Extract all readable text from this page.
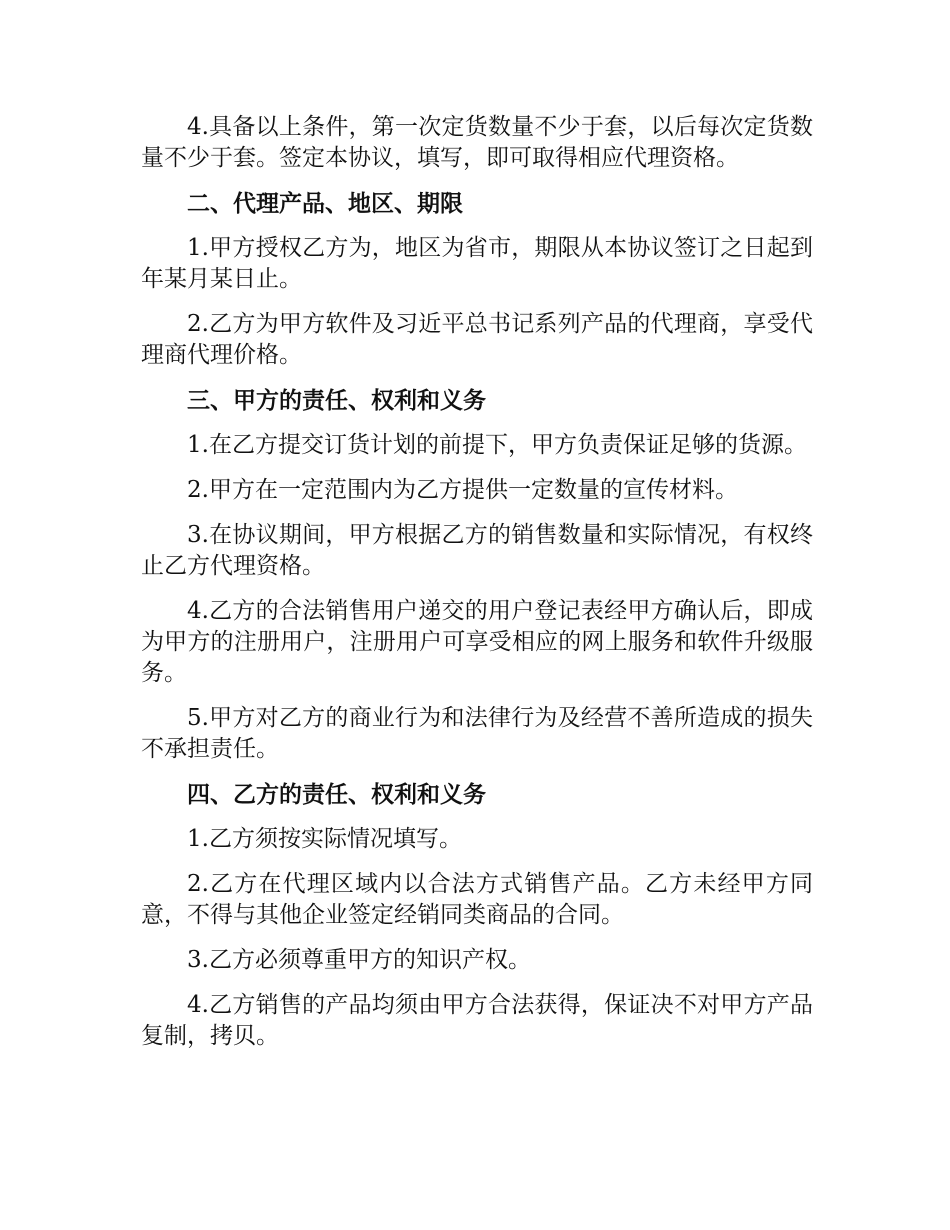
4.具备以上条件，第一次定货数量不少于套，以后每次定货数量不少于套。签定本协议，填写，即可取得相应代理资格。

二、代理产品、地区、期限

1.甲方授权乙方为，地区为省市，期限从本协议签订之日起到年某月某日止。

2.乙方为甲方软件及习近平总书记系列产品的代理商，享受代理商代理价格。

三、甲方的责任、权利和义务

1.在乙方提交订货计划的前提下，甲方负责保证足够的货源。

2.甲方在一定范围内为乙方提供一定数量的宣传材料。

3.在协议期间，甲方根据乙方的销售数量和实际情况，有权终止乙方代理资格。

4.乙方的合法销售用户递交的用户登记表经甲方确认后，即成为甲方的注册用户，注册用户可享受相应的网上服务和软件升级服务。

5.甲方对乙方的商业行为和法律行为及经营不善所造成的损失不承担责任。

四、乙方的责任、权利和义务

1.乙方须按实际情况填写。

2.乙方在代理区域内以合法方式销售产品。乙方未经甲方同意，不得与其他企业签定经销同类商品的合同。

3.乙方必须尊重甲方的知识产权。

4.乙方销售的产品均须由甲方合法获得，保证决不对甲方产品复制，拷贝。
